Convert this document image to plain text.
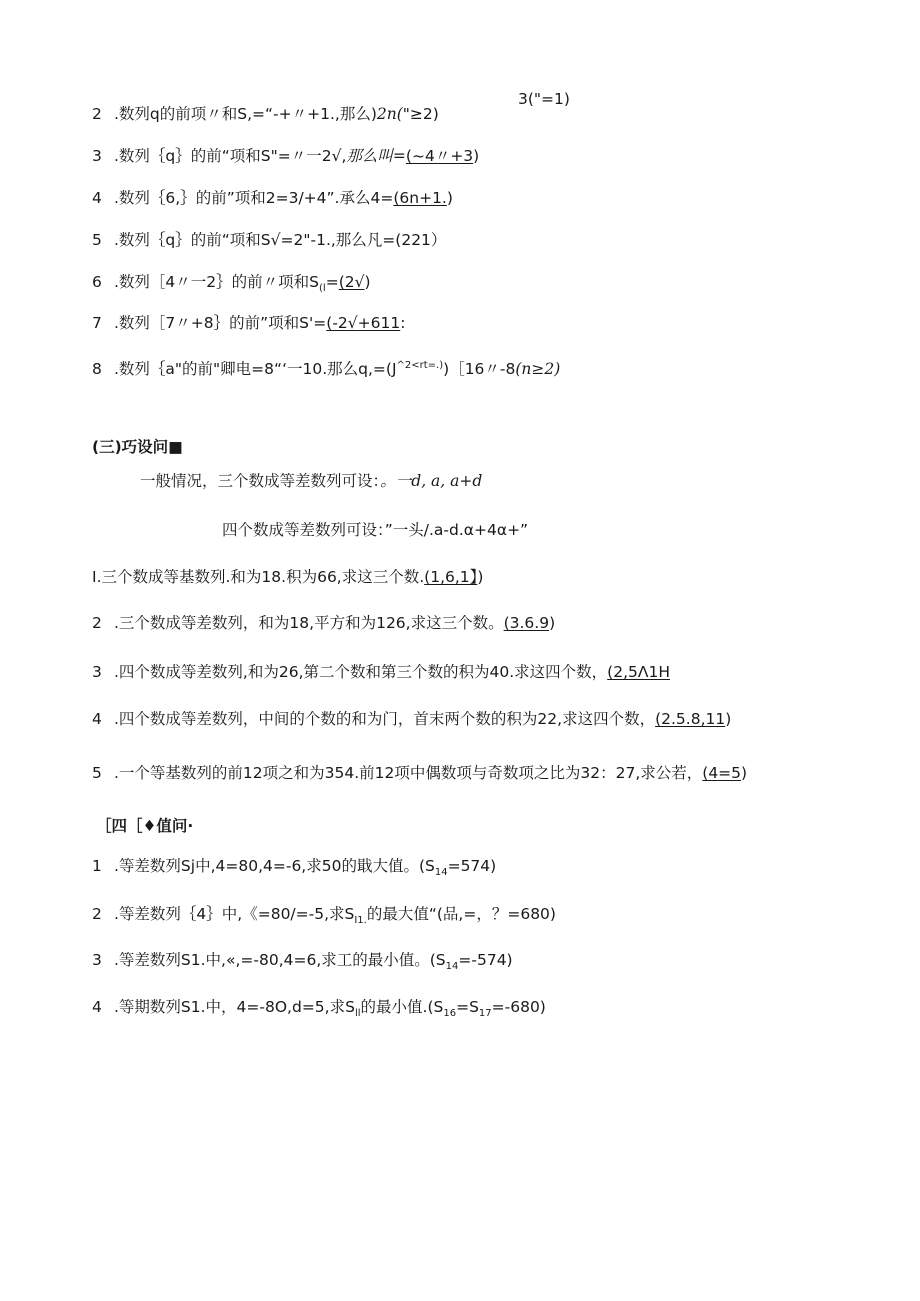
3("=1)
2 .数列q的前项〃和S,=“-+〃+1.,那么)2n("≥2)
3 .数列｛q｝的前“项和S"=〃一2√,那么叫=(~4〃+3)
4 .数列｛6,｝的前”项和2=3/+4”.承么4=(6n+1.)
5 .数列｛q｝的前“项和S√=2"-1.,那么凡=(221）
6 .数列［4〃一2｝的前〃项和$S_{(l}=(2√)$
7 .数列［7〃+8｝的前”项和S'=(-2√+611:
8 .数列｛a"的前"卿电=8“‘一10.那么$q,=(J^{\^{}2<rt=.)})[16$〃-8(n≥2)
(三)巧设问■
一般情况，三个数成等差数列可设：。一d, a, a+d
四个数成等差数列可设：”一头/.a-d.α+4α+”
I.三个数成等基数列.和为18.积为66,求这三个数.(1,6,1】)
2 .三个数成等差数列，和为18,平方和为126,求这三个数。(3.6.9)
3 .四个数成等差数列,和为26,第二个数和第三个数的积为40.求这四个数，(2,5Λ1H
4 .四个数成等差数列，中间的个数的和为门，首末两个数的积为22,求这四个数，(2.5.8,11)
5 .一个等基数列的前12项之和为354.前12项中偶数项与奇数项之比为32：27,求公若，(4=5)
［四［♦值问·
1 .等差数列Sj中,4=80,4=-6,求50的戢大值。$(S_{14}=574)$
2 .等差数列｛4｝中,《=80/=-5,求$S_{I1.}$的最大值“(品,=，？=680)
3 .等差数列S1.中,«,=-80,4=6,求工的最小值。$(S_{14}=-574)$
4 .等期数列S1.中，4=-8O,d=5,求$S_{ll}$的最小值$.(S_{16}=S_{17}=-680)$
